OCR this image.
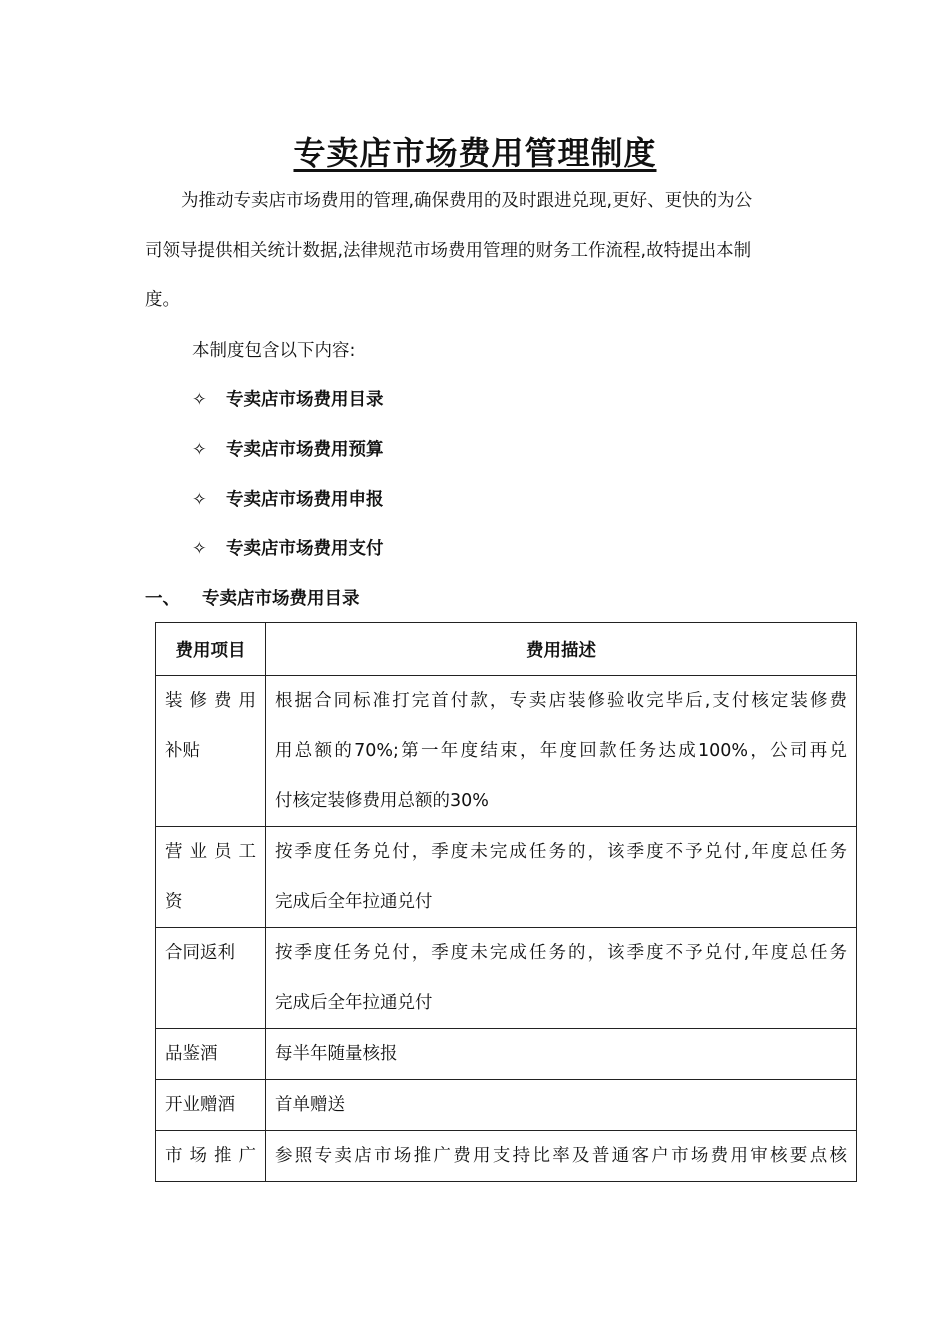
专卖店市场费用管理制度
为推动专卖店市场费用的管理,确保费用的及时跟进兑现,更好、更快的为公
司领导提供相关统计数据,法律规范市场费用管理的财务工作流程,故特提出本制
度。
本制度包含以下内容:
✧ 专卖店市场费用目录
✧ 专卖店市场费用预算
✧ 专卖店市场费用申报
✧ 专卖店市场费用支付
一、 专卖店市场费用目录
费用项目	费用描述

装修费用
补贴	根据合同标准打完首付款，专卖店装修验收完毕后,支付核定装修费
用总额的70%;第一年度结束，年度回款任务达成100%，公司再兑
付核定装修费用总额的30%

营业员工
资	按季度任务兑付，季度未完成任务的，该季度不予兑付,年度总任务
完成后全年拉通兑付

合同返利	按季度任务兑付，季度未完成任务的，该季度不予兑付,年度总任务
完成后全年拉通兑付

品鉴酒	每半年随量核报

开业赠酒	首单赠送

市场推广	参照专卖店市场推广费用支持比率及普通客户市场费用审核要点核
